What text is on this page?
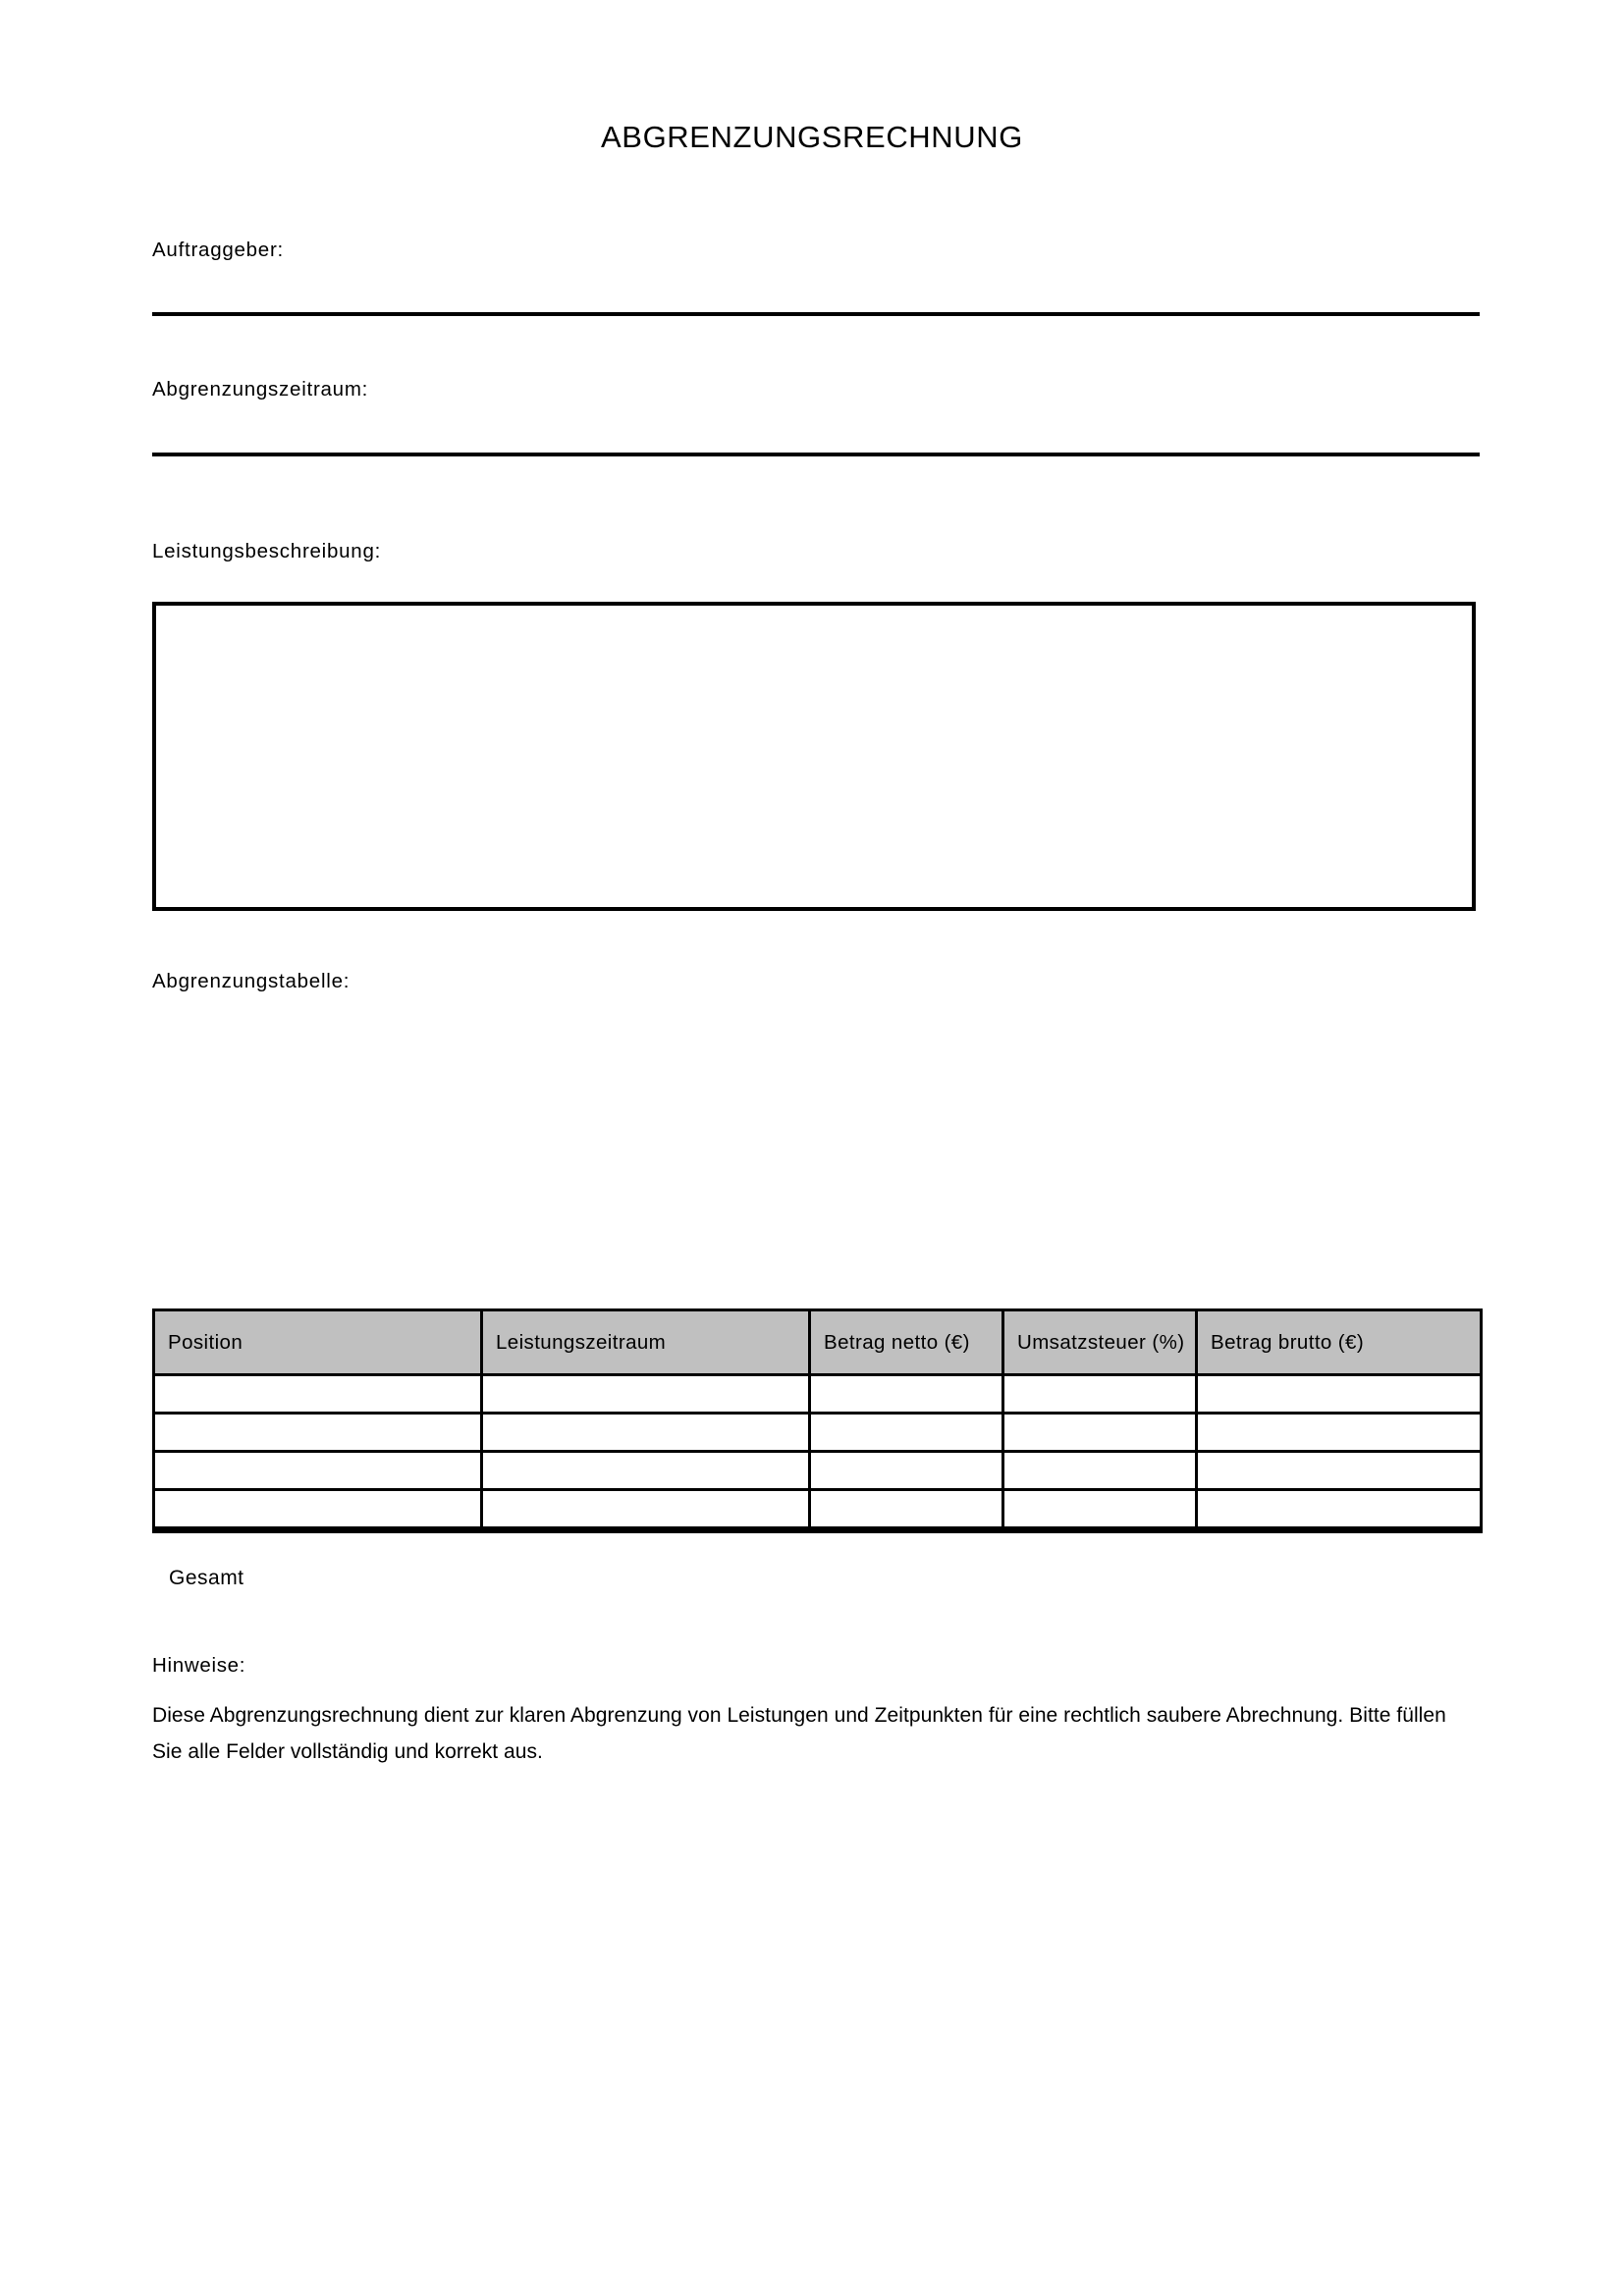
ABGRENZUNGSRECHNUNG
Auftraggeber:
Abgrenzungszeitraum:
Leistungsbeschreibung:
Abgrenzungstabelle:
Position	Leistungszeitraum	Betrag netto (€)	Umsatzsteuer (%)	Betrag brutto (€)

Gesamt
Hinweise:
Diese Abgrenzungsrechnung dient zur klaren Abgrenzung von Leistungen und Zeitpunkten für eine rechtlich saubere Abrechnung. Bitte füllen Sie alle Felder vollständig und korrekt aus.
